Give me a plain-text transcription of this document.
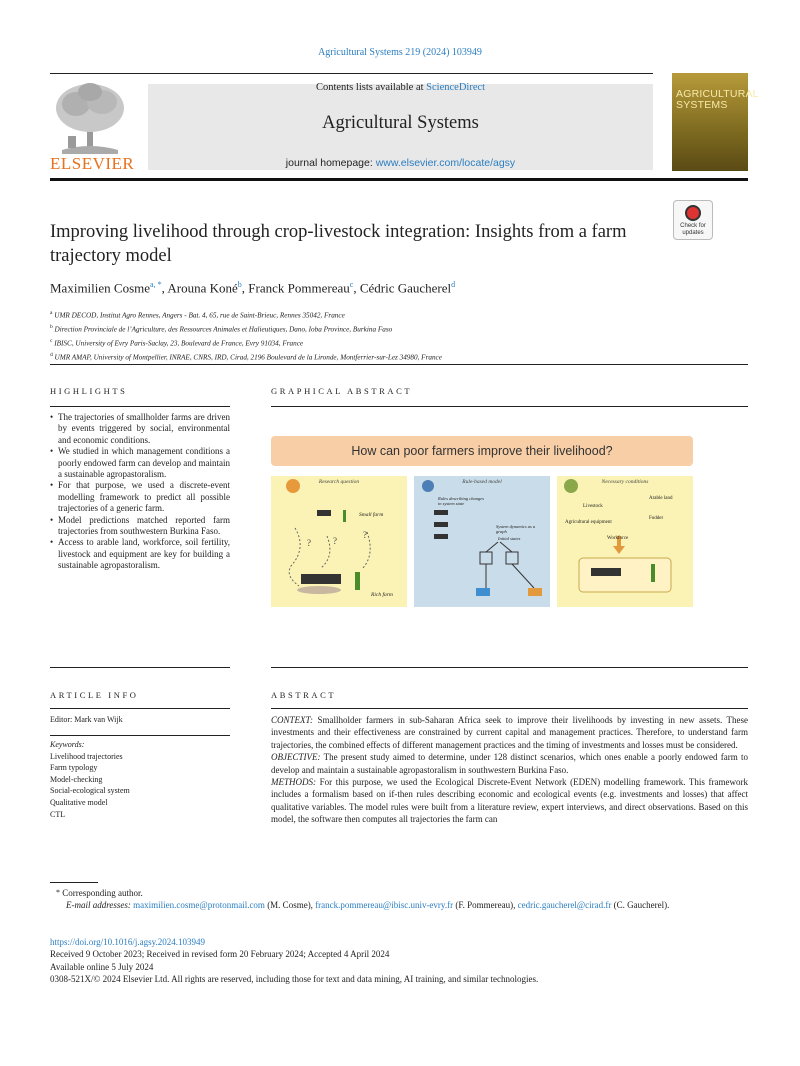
Agricultural Systems 219 (2024) 103949
ELSEVIER
Contents lists available at ScienceDirect
Agricultural Systems
journal homepage: www.elsevier.com/locate/agsy
AGRICULTURAL SYSTEMS
Improving livelihood through crop-livestock integration: Insights from a farm trajectory model
Check for updates
Maximilien Cosme$^{a, *}$, Arouna Koné$^b$, Franck Pommereau$^c$, Cédric Gaucherel$^d$
$^a$ UMR DECOD, Institut Agro Rennes, Angers - Bat. 4, 65, rue de Saint-Brieuc, Rennes 35042, France
$^b$ Direction Provinciale de l’Agriculture, des Ressources Animales et Halieutiques, Dano, Ioba Province, Burkina Faso
$^c$ IBISC, University of Evry Paris-Saclay, 23, Boulevard de France, Evry 91034, France
$^d$ UMR AMAP, University of Montpellier, INRAE, CNRS, IRD, Cirad, 2196 Boulevard de la Lironde, Montferrier-sur-Lez 34980, France
HIGHLIGHTS

• The trajectories of smallholder farms are driven by events triggered by social, environmental and economic conditions.

• We studied in which management conditions a poorly endowed farm can develop and maintain a sustainable agropastoralism.

• For that purpose, we used a discrete-event modelling framework to predict all possible trajectories of a generic farm.

• Model predictions matched reported farm trajectories from southwestern Burkina Faso.

• Access to arable land, workforce, soil fertility, livestock and equipment are key for building a sustainable agropastoralism.

GRAPHICAL ABSTRACT
How can poor farmers improve their livelihood?
Research question
? ?
?
Small farm
Rich farm
Rule-based model
Rules describing changes in system state
System dynamics as a graph
Initial states
Necessary conditions
Arable land
Livestock
Fodder
Agricultural equipment
Workforce
ARTICLE INFO
Editor: Mark van Wijk
Keywords:
Livelihood trajectories
Farm typology
Model-checking
Social-ecological system
Qualitative model
CTL
ABSTRACT

CONTEXT: Smallholder farmers in sub-Saharan Africa seek to improve their livelihoods by investing in new assets. These investments and their effectiveness are constrained by current capital and management practices. Therefore, to understand farm trajectories, the combined effects of different management practices and the timing of investments and losses must be considered.

OBJECTIVE: The present study aimed to determine, under 128 distinct scenarios, which ones enable a poorly endowed farm to develop and maintain a sustainable agropastoralism in southwestern Burkina Faso.

METHODS: For this purpose, we used the Ecological Discrete-Event Network (EDEN) modelling framework. This framework includes a formalism based on if-then rules describing economic and ecological events (e.g. investments and losses) that affect qualitative variables. The model rules were built from a literature review, expert interviews, and direct observations. Based on this model, the software then computes all trajectories the farm can

* Corresponding author.
E-mail addresses: maximilien.cosme@protonmail.com (M. Cosme), franck.pommereau@ibisc.univ-evry.fr (F. Pommereau), cedric.gaucherel@cirad.fr (C. Gaucherel).
https://doi.org/10.1016/j.agsy.2024.103949
Received 9 October 2023; Received in revised form 20 February 2024; Accepted 4 April 2024
Available online 5 July 2024
0308-521X/© 2024 Elsevier Ltd. All rights are reserved, including those for text and data mining, AI training, and similar technologies.
